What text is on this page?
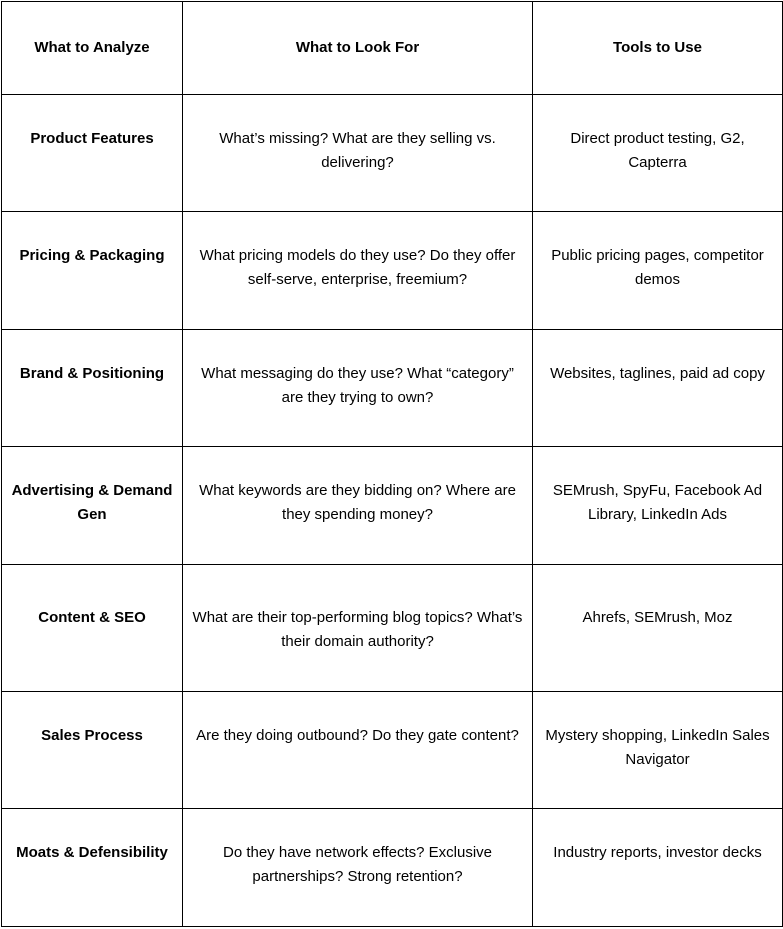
What to Analyze	What to Look For	Tools to Use
Product Features	What’s missing? What are they selling vs. delivering?	Direct product testing, G2, Capterra
Pricing & Packaging	What pricing models do they use? Do they offer self-serve, enterprise, freemium?	Public pricing pages, competitor demos
Brand & Positioning	What messaging do they use? What “category” are they trying to own?	Websites, taglines, paid ad copy
Advertising & Demand Gen	What keywords are they bidding on? Where are they spending money?	SEMrush, SpyFu, Facebook Ad Library, LinkedIn Ads
Content & SEO	What are their top-performing blog topics? What’s their domain authority?	Ahrefs, SEMrush, Moz
Sales Process	Are they doing outbound? Do they gate content?	Mystery shopping, LinkedIn Sales Navigator
Moats & Defensibility	Do they have network effects? Exclusive partnerships? Strong retention?	Industry reports, investor decks
